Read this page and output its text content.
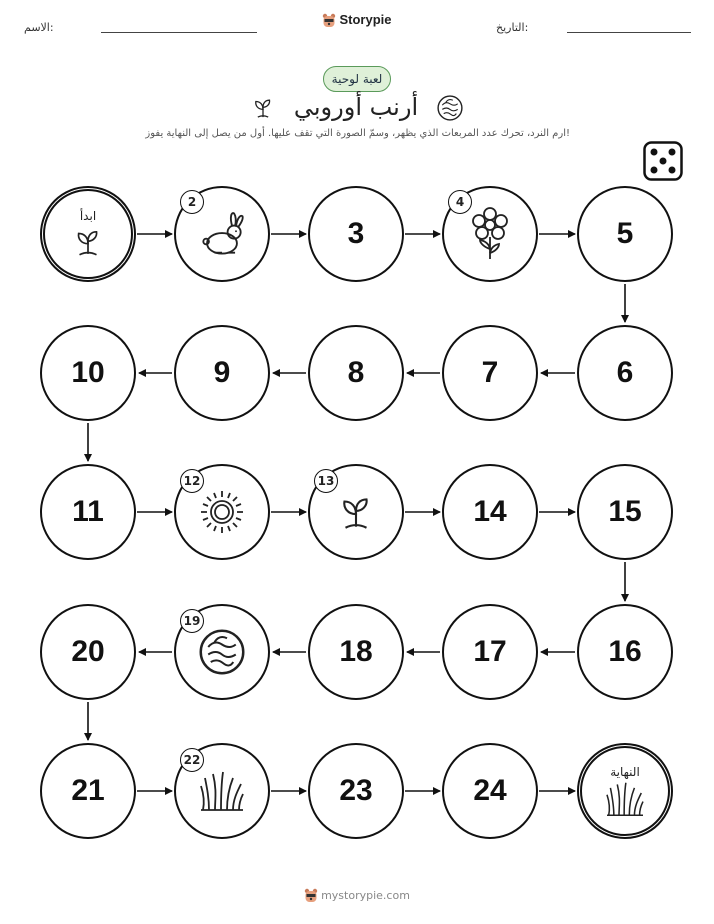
الاسم:
Storypie
التاريخ:
لعبة لوحية
أرنب أوروبي
ارم النرد، تحرك عدد المربعات الذي يظهر، وسمّ الصورة التي تقف عليها. أول من يصل إلى النهاية يفوز!
ابدأ
2
3
4
5
6
7
8
9
10
11
12	13
14	15
16
17
18
19
20
21
22
23	24
النهاية
mystorypie.com
